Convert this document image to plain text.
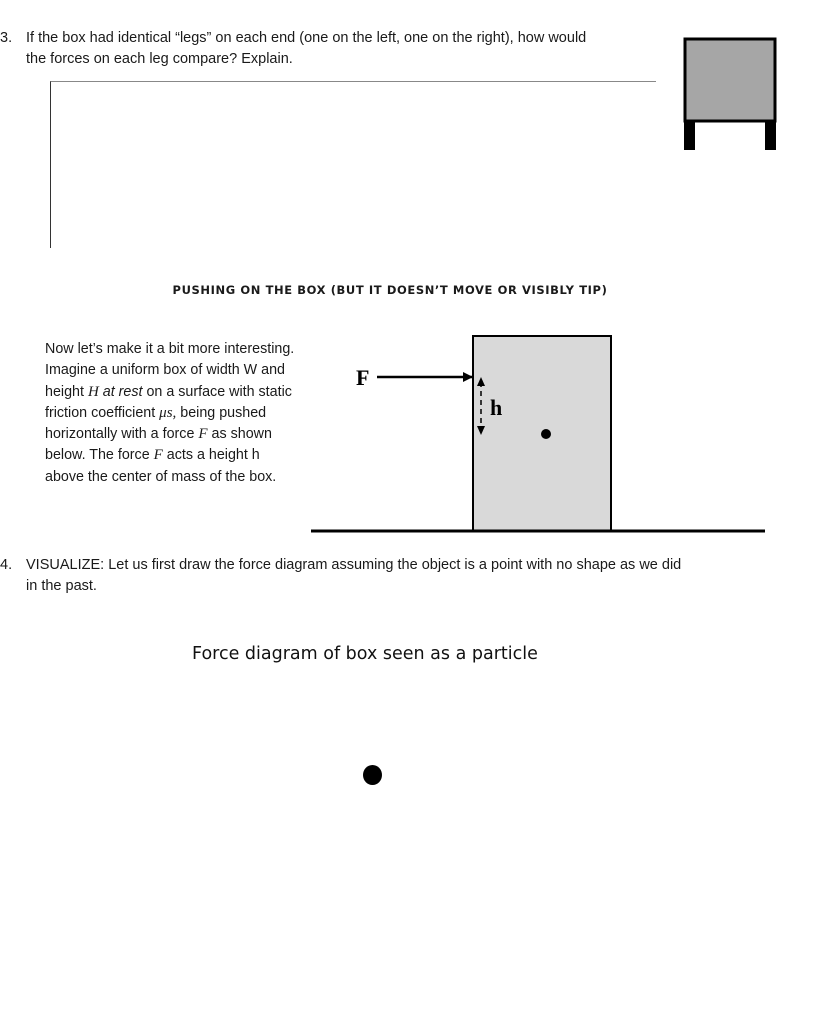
3. If the box had identical “legs” on each end (one on the left, one on the right), how would
the forces on each leg compare? Explain.
PUSHING ON THE BOX (BUT IT DOESN’T MOVE OR VISIBLY TIP)
Now let’s make it a bit more interesting. Imagine a uniform box of width W and height H at rest on a surface with static friction coefficient μs, being pushed horizontally with a force F as shown below. The force F acts a height h above the center of mass of the box.
F
h
4. VISUALIZE: Let us first draw the force diagram assuming the object is a point with no shape as we did
in the past.
Force diagram of box seen as a particle
